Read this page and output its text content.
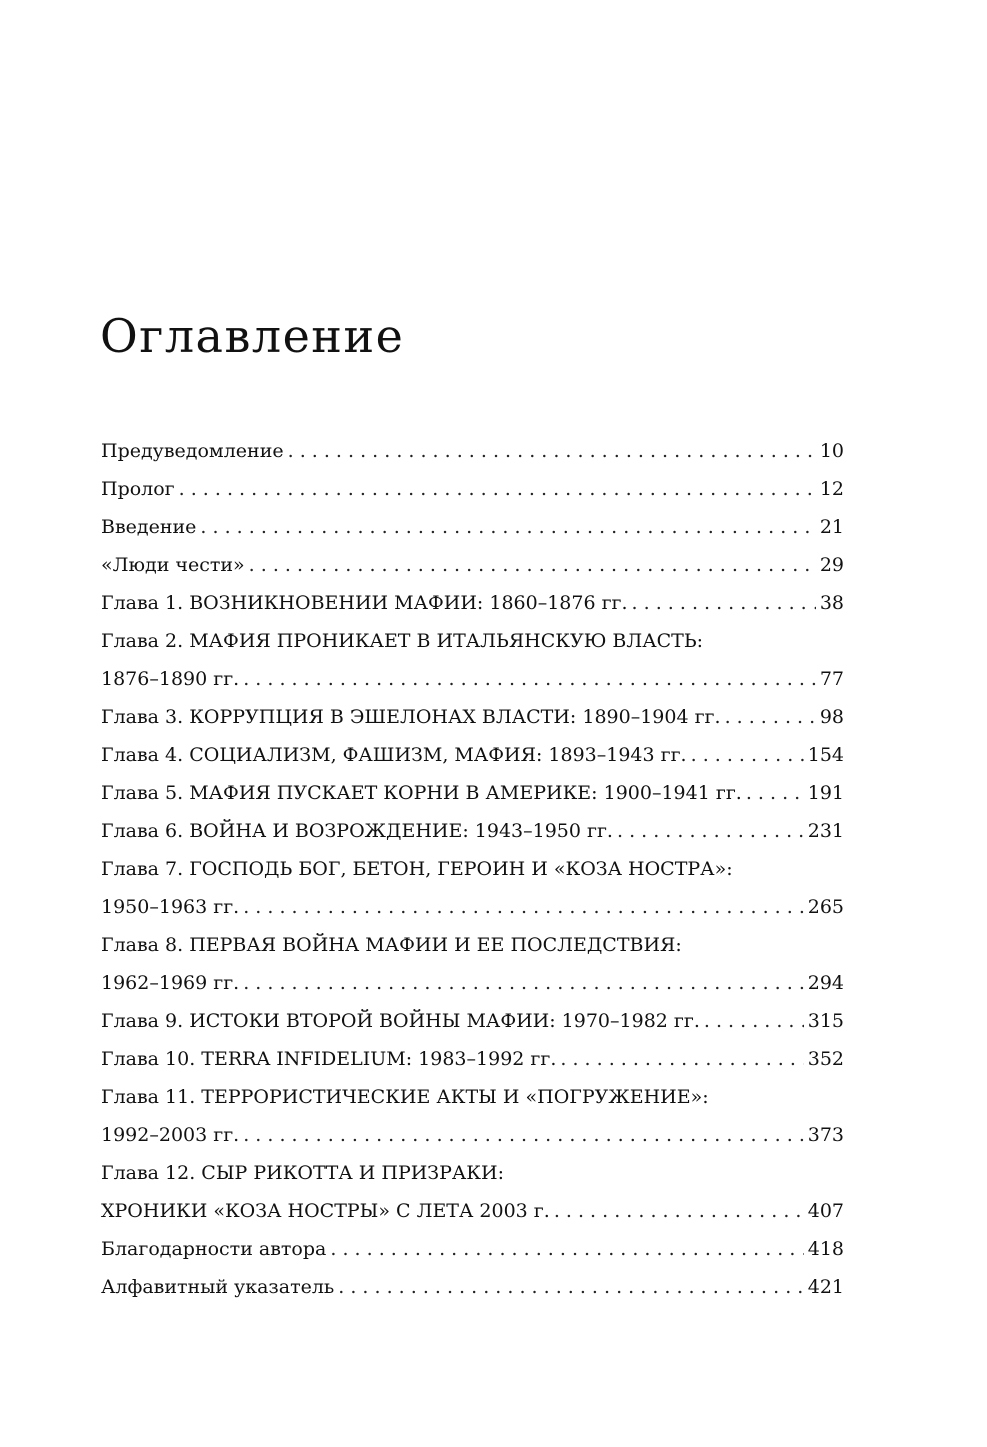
Оглавление
Предуведомление . . .	10
Пролог . . .	12
Введение . . .	21
«Люди чести» . . .	29
Глава 1. ВОЗНИКНОВЕНИИ МАФИИ: 1860–1876 гг. . . .	38
Глава 2. МАФИЯ ПРОНИКАЕТ В ИТАЛЬЯНСКУЮ ВЛАСТЬ:
1876–1890 гг. . . .	77
Глава 3. КОРРУПЦИЯ В ЭШЕЛОНАХ ВЛАСТИ: 1890–1904 гг. . . .	98
Глава 4. СОЦИАЛИЗМ, ФАШИЗМ, МАФИЯ: 1893–1943 гг. . . .	154
Глава 5. МАФИЯ ПУСКАЕТ КОРНИ В АМЕРИКЕ: 1900–1941 гг. . . .	191
Глава 6. ВОЙНА И ВОЗРОЖДЕНИЕ: 1943–1950 гг. . . .	231
Глава 7. ГОСПОДЬ БОГ, БЕТОН, ГЕРОИН И «КОЗА НОСТРА»:
1950–1963 гг. . . .	265
Глава 8. ПЕРВАЯ ВОЙНА МАФИИ И ЕЕ ПОСЛЕДСТВИЯ:
1962–1969 гг. . . .	294
Глава 9. ИСТОКИ ВТОРОЙ ВОЙНЫ МАФИИ: 1970–1982 гг. . . .	315
Глава 10. TERRA INFIDELIUM: 1983–1992 гг. . . .	352
Глава 11. ТЕРРОРИСТИЧЕСКИЕ АКТЫ И «ПОГРУЖЕНИЕ»:
1992–2003 гг. . . .	373
Глава 12. СЫР РИКОТТА И ПРИЗРАКИ:
ХРОНИКИ «КОЗА НОСТРЫ» С ЛЕТА 2003 г. . . .	407
Благодарности автора . . .	418
Алфавитный указатель . . .	421
